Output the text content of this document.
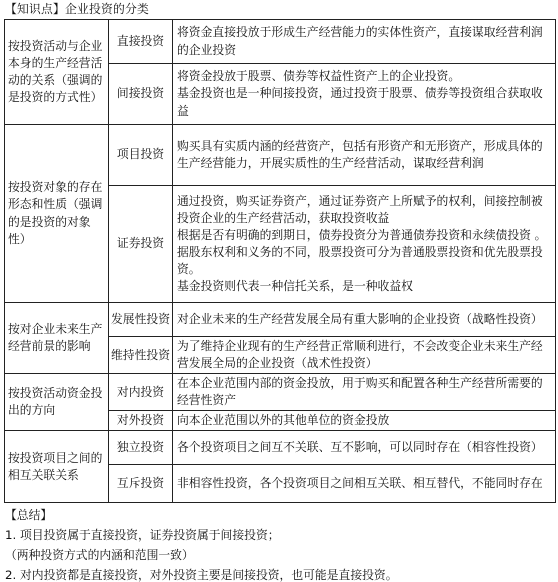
【知识点】企业投资的分类
按投资活动与企业本身的生产经营活动的关系（强调的是投资的方式性）	直接投资	将资金直接投放于形成生产经营能力的实体性资产，直接谋取经营利润的企业投资

	间接投资	将资金投放于股票、债券等权益性资产上的企业投资。
基金投资也是一种间接投资，通过投资于股票、债券等投资组合获取收益

按投资对象的存在形态和性质（强调的是投资的对象性）	项目投资	购买具有实质内涵的经营资产，包括有形资产和无形资产，形成具体的生产经营能力，开展实质性的生产经营活动，谋取经营利润

	证券投资	通过投资，购买证券资产，通过证券资产上所赋予的权利，间接控制被投资企业的生产经营活动，获取投资收益
根据是否有明确的到期日，债券投资分为普通债券投资和永续债投资 。据股东权利和义务的不同，股票投资可分为普通股票投资和优先股票投资。
基金投资则代表一种信托关系，是一种收益权

按对企业未来生产经营前景的影响	发展性投资	对企业未来的生产经营发展全局有重大影响的企业投资（战略性投资）

	维持性投资	为了维持企业现有的生产经营正常顺利进行，不会改变企业未来生产经营发展全局的企业投资（战术性投资）

按投资活动资金投出的方向	对内投资	在本企业范围内部的资金投放，用于购买和配置各种生产经营所需要的经营性资产

	对外投资	向本企业范围以外的其他单位的资金投放

按投资项目之间的相互关联关系	独立投资	各个投资项目之间互不关联、互不影响，可以同时存在（相容性投资）

	互斥投资	非相容性投资，各个投资项目之间相互关联、相互替代，不能同时存在
【总结】
1. 项目投资属于直接投资，证券投资属于间接投资；
（两种投资方式的内涵和范围一致）
2. 对内投资都是直接投资，对外投资主要是间接投资，也可能是直接投资。
